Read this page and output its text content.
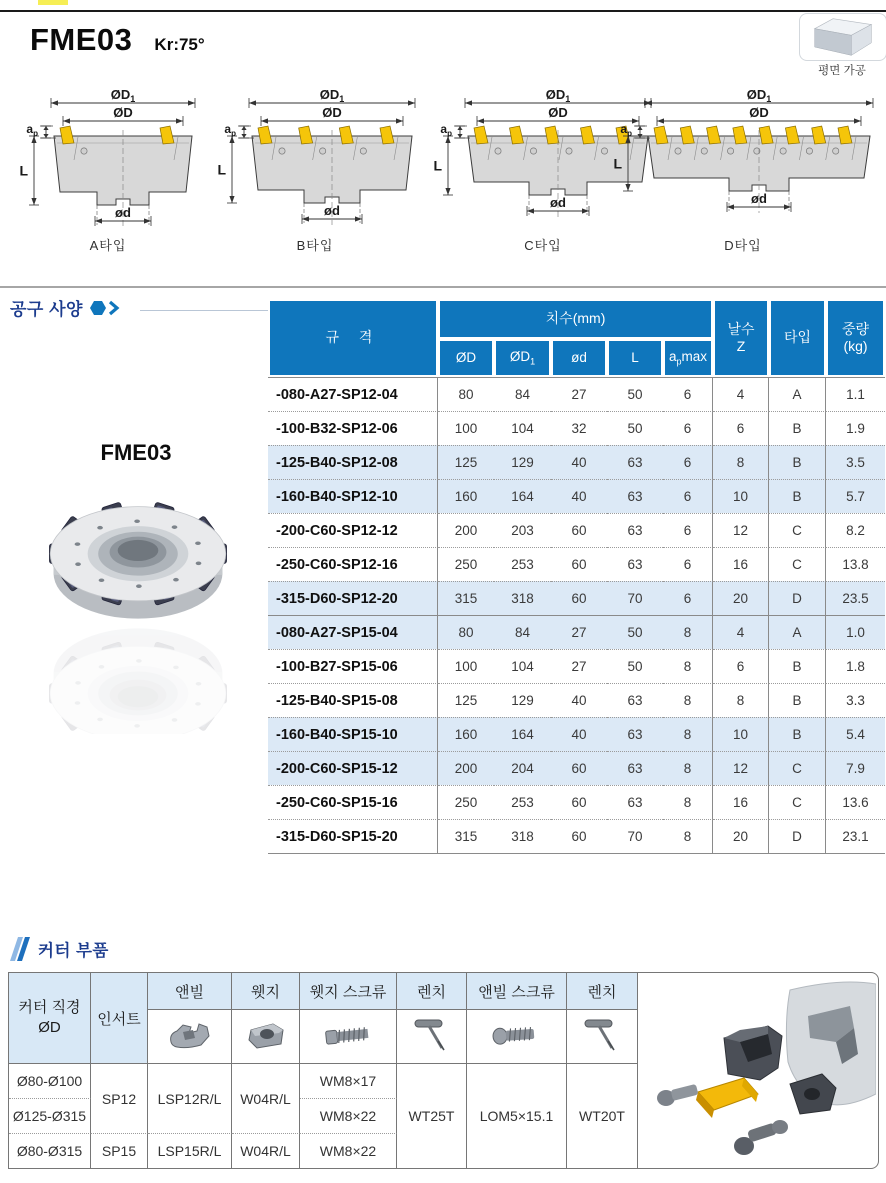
FME03 Kr:75°
평면 가공
$ØD_1$
ØD
L
$a_p$
ød
A타입
$ØD_1$
ØD
L
$a_p$
ød
B타입
$ØD_1$
ØD
L
$a_p$
ød
C타입
$ØD_1$
ØD
L
$a_p$
ød
D타입
공구 사양
규 격	치수(mm)					날수
Z	타입	중량
(kg)
	ØD	$ØD_1$	ød	L	$a_p\max$			
-080-A27-SP12-04	80	84	27	50	6	4	A	1.1
-100-B32-SP12-06	100	104	32	50	6	6	B	1.9
-125-B40-SP12-08	125	129	40	63	6	8	B	3.5
-160-B40-SP12-10	160	164	40	63	6	10	B	5.7
-200-C60-SP12-12	200	203	60	63	6	12	C	8.2
-250-C60-SP12-16	250	253	60	63	6	16	C	13.8
-315-D60-SP12-20	315	318	60	70	6	20	D	23.5
-080-A27-SP15-04	80	84	27	50	8	4	A	1.0
-100-B27-SP15-06	100	104	27	50	8	6	B	1.8
-125-B40-SP15-08	125	129	40	63	8	8	B	3.3
-160-B40-SP15-10	160	164	40	63	8	10	B	5.4
-200-C60-SP15-12	200	204	60	63	8	12	C	7.9
-250-C60-SP15-16	250	253	60	63	8	16	C	13.6
-315-D60-SP15-20	315	318	60	70	8	20	D	23.1
FME03
커터 부품
커터 직경
ØD	인서트	앤빌	웻지	웻지 스크류	렌치	앤빌 스크류	렌치

Ø80-Ø100	SP12	LSP12R/L	W04R/L	WM8×17	WT25T	LOM5×15.1	WT20T
Ø125-Ø315				WM8×22			
Ø80-Ø315	SP15	LSP15R/L	W04R/L	WM8×22			
